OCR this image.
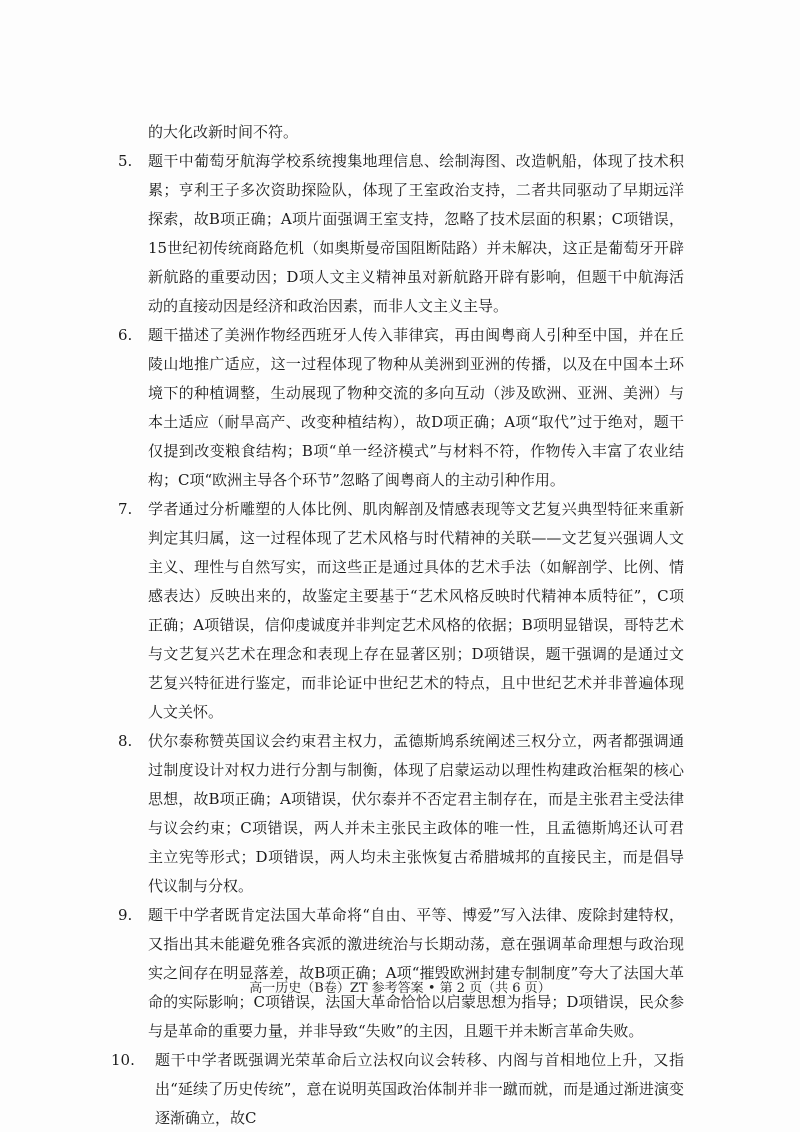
的大化改新时间不符。

5.	题干中葡萄牙航海学校系统搜集地理信息、绘制海图、改造帆船，体现了技术积累；亨利王子多次资助探险队，体现了王室政治支持，二者共同驱动了早期远洋探索，故B项正确；A项片面强调王室支持，忽略了技术层面的积累；C项错误，15世纪初传统商路危机（如奥斯曼帝国阻断陆路）并未解决，这正是葡萄牙开辟新航路的重要动因；D项人文主义精神虽对新航路开辟有影响，但题干中航海活动的直接动因是经济和政治因素，而非人文主义主导。
6.	题干描述了美洲作物经西班牙人传入菲律宾，再由闽粤商人引种至中国，并在丘陵山地推广适应，这一过程体现了物种从美洲到亚洲的传播，以及在中国本土环境下的种植调整，生动展现了物种交流的多向互动（涉及欧洲、亚洲、美洲）与本土适应（耐旱高产、改变种植结构），故D项正确；A项“取代”过于绝对，题干仅提到改变粮食结构；B项“单一经济模式”与材料不符，作物传入丰富了农业结构；C项“欧洲主导各个环节”忽略了闽粤商人的主动引种作用。
7.	学者通过分析雕塑的人体比例、肌肉解剖及情感表现等文艺复兴典型特征来重新判定其归属，这一过程体现了艺术风格与时代精神的关联——文艺复兴强调人文主义、理性与自然写实，而这些正是通过具体的艺术手法（如解剖学、比例、情感表达）反映出来的，故鉴定主要基于“艺术风格反映时代精神本质特征”，C项正确；A项错误，信仰虔诚度并非判定艺术风格的依据；B项明显错误，哥特艺术与文艺复兴艺术在理念和表现上存在显著区别；D项错误，题干强调的是通过文艺复兴特征进行鉴定，而非论证中世纪艺术的特点，且中世纪艺术并非普遍体现人文关怀。
8.	伏尔泰称赞英国议会约束君主权力，孟德斯鸠系统阐述三权分立，两者都强调通过制度设计对权力进行分割与制衡，体现了启蒙运动以理性构建政治框架的核心思想，故B项正确；A项错误，伏尔泰并不否定君主制存在，而是主张君主受法律与议会约束；C项错误，两人并未主张民主政体的唯一性，且孟德斯鸠还认可君主立宪等形式；D项错误，两人均未主张恢复古希腊城邦的直接民主，而是倡导代议制与分权。
9.	题干中学者既肯定法国大革命将“自由、平等、博爱”写入法律、废除封建特权，又指出其未能避免雅各宾派的激进统治与长期动荡，意在强调革命理想与政治现实之间存在明显落差，故B项正确；A项“摧毁欧洲封建专制制度”夸大了法国大革命的实际影响；C项错误，法国大革命恰恰以启蒙思想为指导；D项错误，民众参与是革命的重要力量，并非导致“失败”的主因，且题干并未断言革命失败。
10.	题干中学者既强调光荣革命后立法权向议会转移、内阁与首相地位上升，又指出“延续了历史传统”，意在说明英国政治体制并非一蹴而就，而是通过渐进演变逐渐确立，故C
高一历史（B卷）ZT 参考答案 • 第 2 页（共 6 页）
